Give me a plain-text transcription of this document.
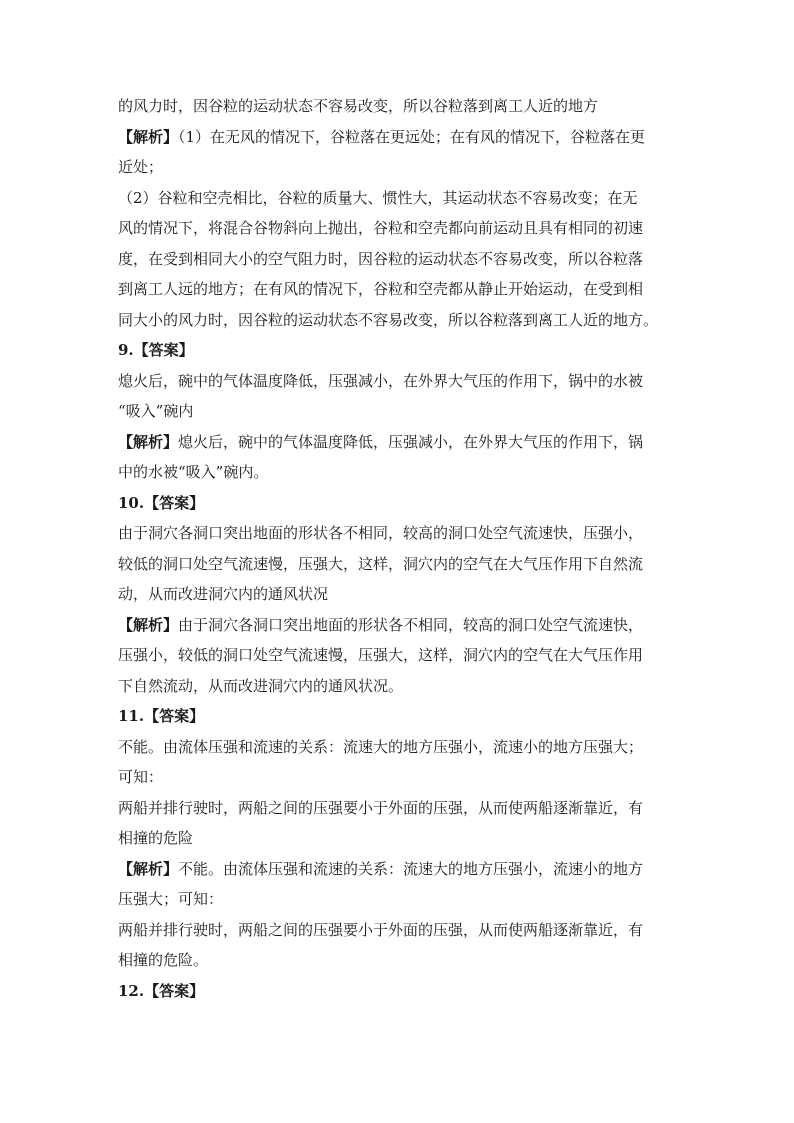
的风力时，因谷粒的运动状态不容易改变，所以谷粒落到离工人近的地方
【解析】（1）在无风的情况下，谷粒落在更远处；在有风的情况下，谷粒落在更
近处；
（2）谷粒和空壳相比，谷粒的质量大、惯性大，其运动状态不容易改变；在无
风的情况下，将混合谷物斜向上抛出，谷粒和空壳都向前运动且具有相同的初速
度，在受到相同大小的空气阻力时，因谷粒的运动状态不容易改变，所以谷粒落
到离工人远的地方；在有风的情况下，谷粒和空壳都从静止开始运动，在受到相
同大小的风力时，因谷粒的运动状态不容易改变，所以谷粒落到离工人近的地方。
9.【答案】
熄火后，碗中的气体温度降低，压强减小，在外界大气压的作用下，锅中的水被
“吸入”碗内
【解析】熄火后，碗中的气体温度降低，压强减小，在外界大气压的作用下，锅
中的水被“吸入”碗内。
10.【答案】
由于洞穴各洞口突出地面的形状各不相同，较高的洞口处空气流速快，压强小，
较低的洞口处空气流速慢，压强大，这样，洞穴内的空气在大气压作用下自然流
动，从而改进洞穴内的通风状况
【解析】由于洞穴各洞口突出地面的形状各不相同，较高的洞口处空气流速快，
压强小，较低的洞口处空气流速慢，压强大，这样，洞穴内的空气在大气压作用
下自然流动，从而改进洞穴内的通风状况。
11.【答案】
不能。由流体压强和流速的关系：流速大的地方压强小，流速小的地方压强大；
可知：
两船并排行驶时，两船之间的压强要小于外面的压强，从而使两船逐渐靠近，有
相撞的危险
【解析】不能。由流体压强和流速的关系：流速大的地方压强小，流速小的地方
压强大；可知：
两船并排行驶时，两船之间的压强要小于外面的压强，从而使两船逐渐靠近，有
相撞的危险。
12.【答案】
